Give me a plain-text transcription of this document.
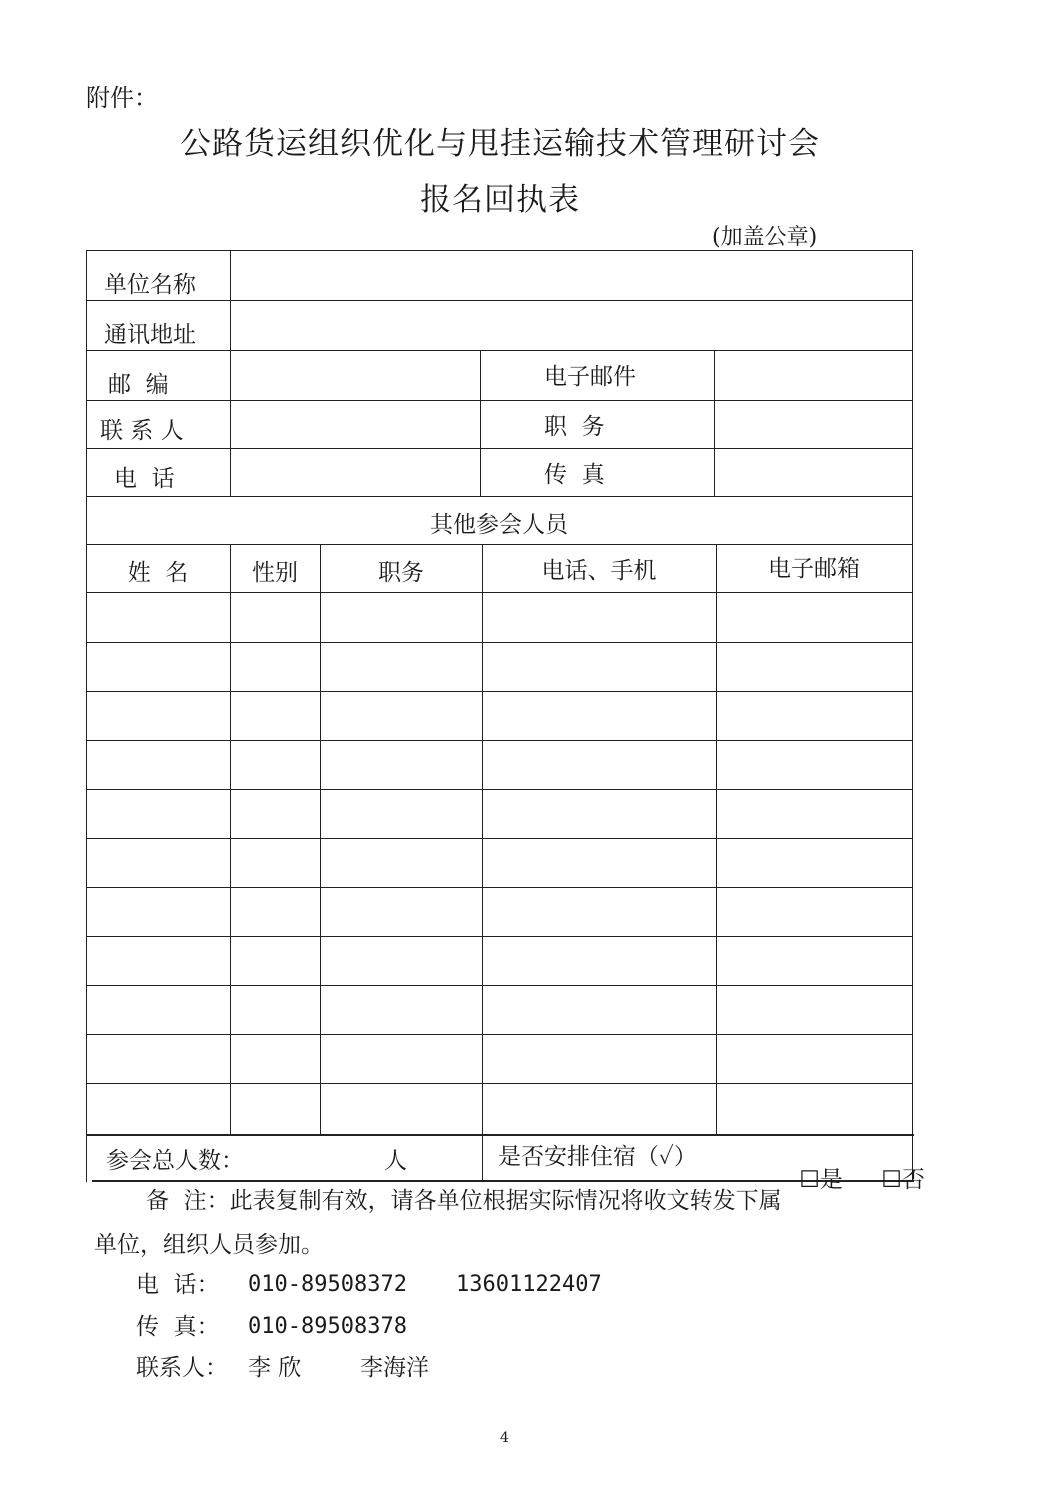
附件：
公路货运组织优化与甩挂运输技术管理研讨会
报名回执表
(加盖公章)
单位名称
通讯地址
邮  编	电子邮件
联 系 人	职  务
电  话	传  真
其他参会人员
姓  名	性别	职务	电话、手机	电子邮箱
参会总人数：	人	是否安排住宿（✓）

☐是
	☐否

备  注：此表复制有效，请各单位根据实际情况将收文转发下属
单位，组织人员参加。
电  话： 010-89508372 13601122407
传  真： 010-89508378
联系人： 李 欣	李海洋
4
